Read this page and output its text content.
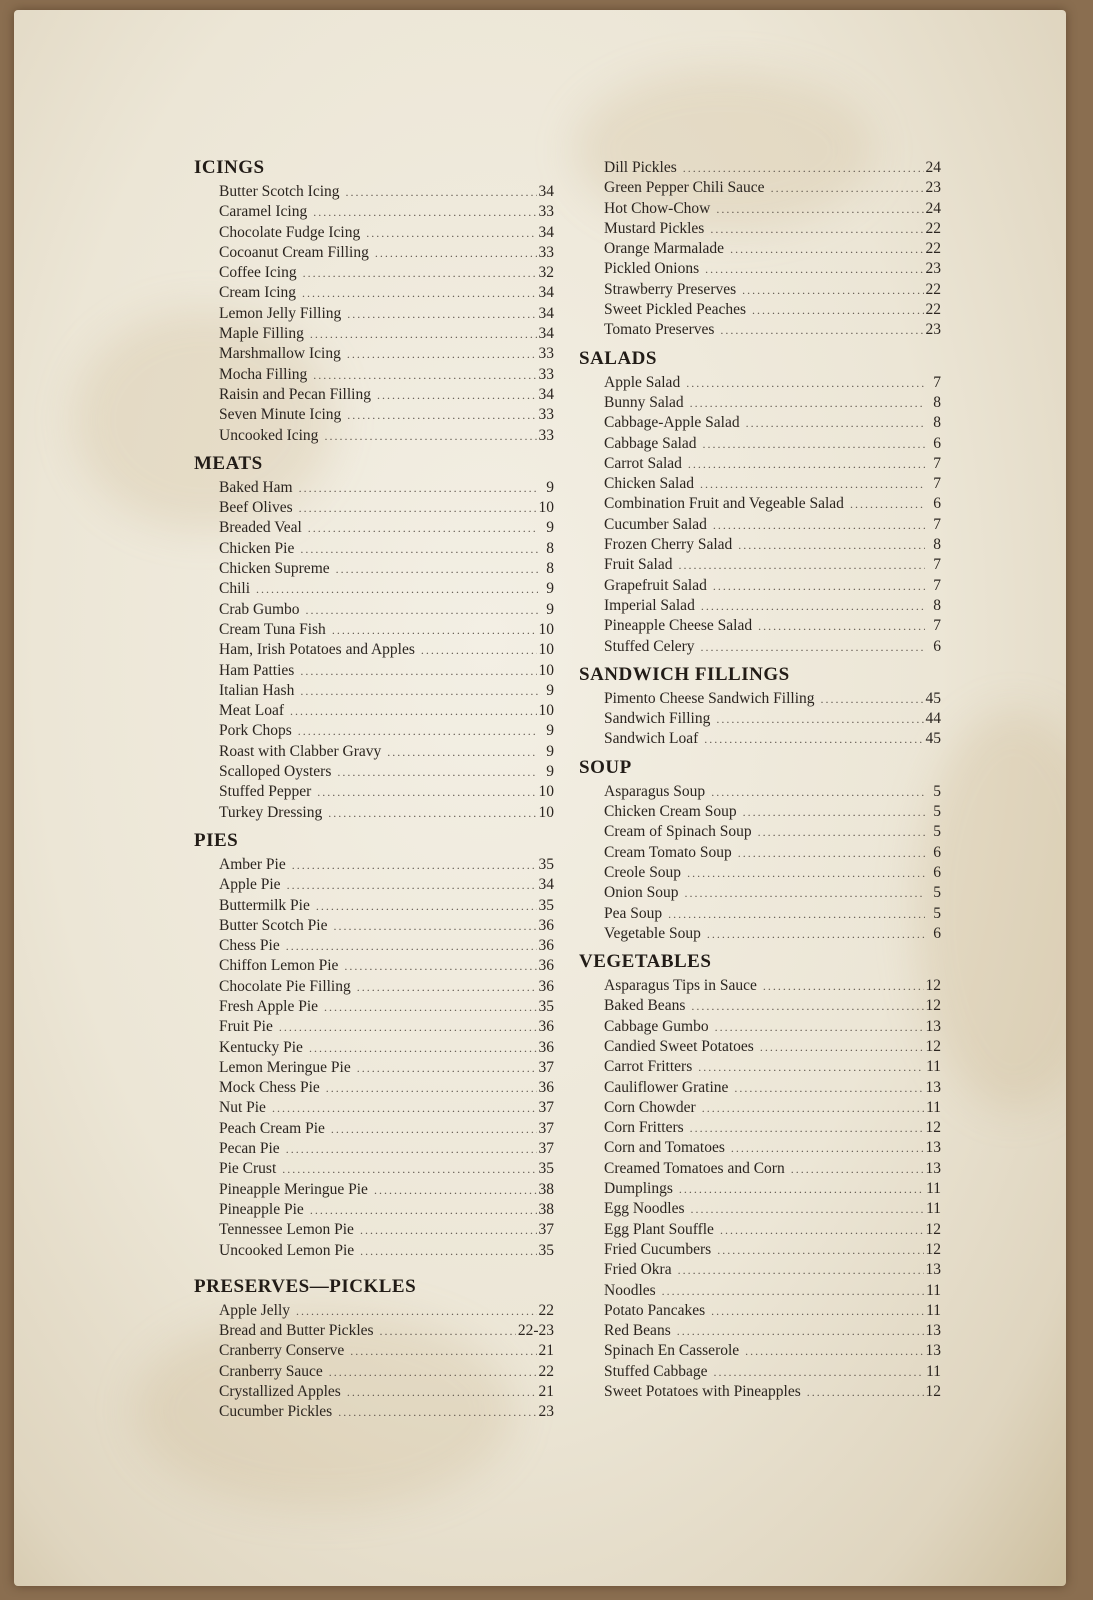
ICINGS
Butter Scotch Icing .....	34
Caramel Icing .....	33
Chocolate Fudge Icing .....	34
Cocoanut Cream Filling .....	33
Coffee Icing .....	32
Cream Icing .....	34
Lemon Jelly Filling .....	34
Maple Filling .....	34
Marshmallow Icing .....	33
Mocha Filling .....	33
Raisin and Pecan Filling .....	34
Seven Minute Icing .....	33
Uncooked Icing .....	33
MEATS
Baked Ham .....	9
Beef Olives .....	10
Breaded Veal .....	9
Chicken Pie .....	8
Chicken Supreme .....	8
Chili .....	9
Crab Gumbo .....	9
Cream Tuna Fish .....	10
Ham, Irish Potatoes and Apples .....	10
Ham Patties .....	10
Italian Hash .....	9
Meat Loaf .....	10
Pork Chops .....	9
Roast with Clabber Gravy .....	9
Scalloped Oysters .....	9
Stuffed Pepper .....	10
Turkey Dressing .....	10
PIES
Amber Pie .....	35
Apple Pie .....	34
Buttermilk Pie .....	35
Butter Scotch Pie .....	36
Chess Pie .....	36
Chiffon Lemon Pie .....	36
Chocolate Pie Filling .....	36
Fresh Apple Pie .....	35
Fruit Pie .....	36
Kentucky Pie .....	36
Lemon Meringue Pie .....	37
Mock Chess Pie .....	36
Nut Pie .....	37
Peach Cream Pie .....	37
Pecan Pie .....	37
Pie Crust .....	35
Pineapple Meringue Pie .....	38
Pineapple Pie .....	38
Tennessee Lemon Pie .....	37
Uncooked Lemon Pie .....	35
PRESERVES—PICKLES
Apple Jelly .....	22
Bread and Butter Pickles .....	22-23
Cranberry Conserve .....	21
Cranberry Sauce .....	22
Crystallized Apples .....	21
Cucumber Pickles .....	23
Dill Pickles .....	24
Green Pepper Chili Sauce .....	23
Hot Chow-Chow .....	24
Mustard Pickles .....	22
Orange Marmalade .....	22
Pickled Onions .....	23
Strawberry Preserves .....	22
Sweet Pickled Peaches .....	22
Tomato Preserves .....	23
SALADS
Apple Salad .....	7
Bunny Salad .....	8
Cabbage-Apple Salad .....	8
Cabbage Salad .....	6
Carrot Salad .....	7
Chicken Salad .....	7
Combination Fruit and Vegeable Salad .....	6
Cucumber Salad .....	7
Frozen Cherry Salad .....	8
Fruit Salad .....	7
Grapefruit Salad .....	7
Imperial Salad .....	8
Pineapple Cheese Salad .....	7
Stuffed Celery .....	6
SANDWICH FILLINGS
Pimento Cheese Sandwich Filling .....	45
Sandwich Filling .....	44
Sandwich Loaf .....	45
SOUP
Asparagus Soup .....	5
Chicken Cream Soup .....	5
Cream of Spinach Soup .....	5
Cream Tomato Soup .....	6
Creole Soup .....	6
Onion Soup .....	5
Pea Soup .....	5
Vegetable Soup .....	6
VEGETABLES
Asparagus Tips in Sauce .....	12
Baked Beans .....	12
Cabbage Gumbo .....	13
Candied Sweet Potatoes .....	12
Carrot Fritters .....	11
Cauliflower Gratine .....	13
Corn Chowder .....	11
Corn Fritters .....	12
Corn and Tomatoes .....	13
Creamed Tomatoes and Corn .....	13
Dumplings .....	11
Egg Noodles .....	11
Egg Plant Souffle .....	12
Fried Cucumbers .....	12
Fried Okra .....	13
Noodles .....	11
Potato Pancakes .....	11
Red Beans .....	13
Spinach En Casserole .....	13
Stuffed Cabbage .....	11
Sweet Potatoes with Pineapples .....	12
